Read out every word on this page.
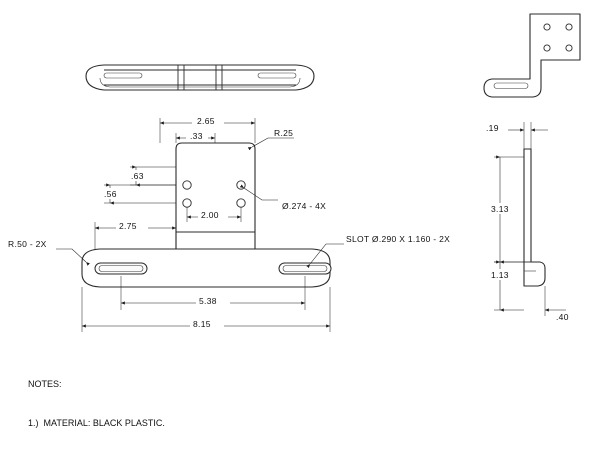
2.65
.33	R.25
.63
.56
Ø.274 - 4X
2.00
2.75
R.50 - 2X	SLOT Ø.290 X 1.160 - 2X
5.38
8.15
.19
3.13
1.13
.40

NOTES:

1.)  MATERIAL: BLACK PLASTIC.
